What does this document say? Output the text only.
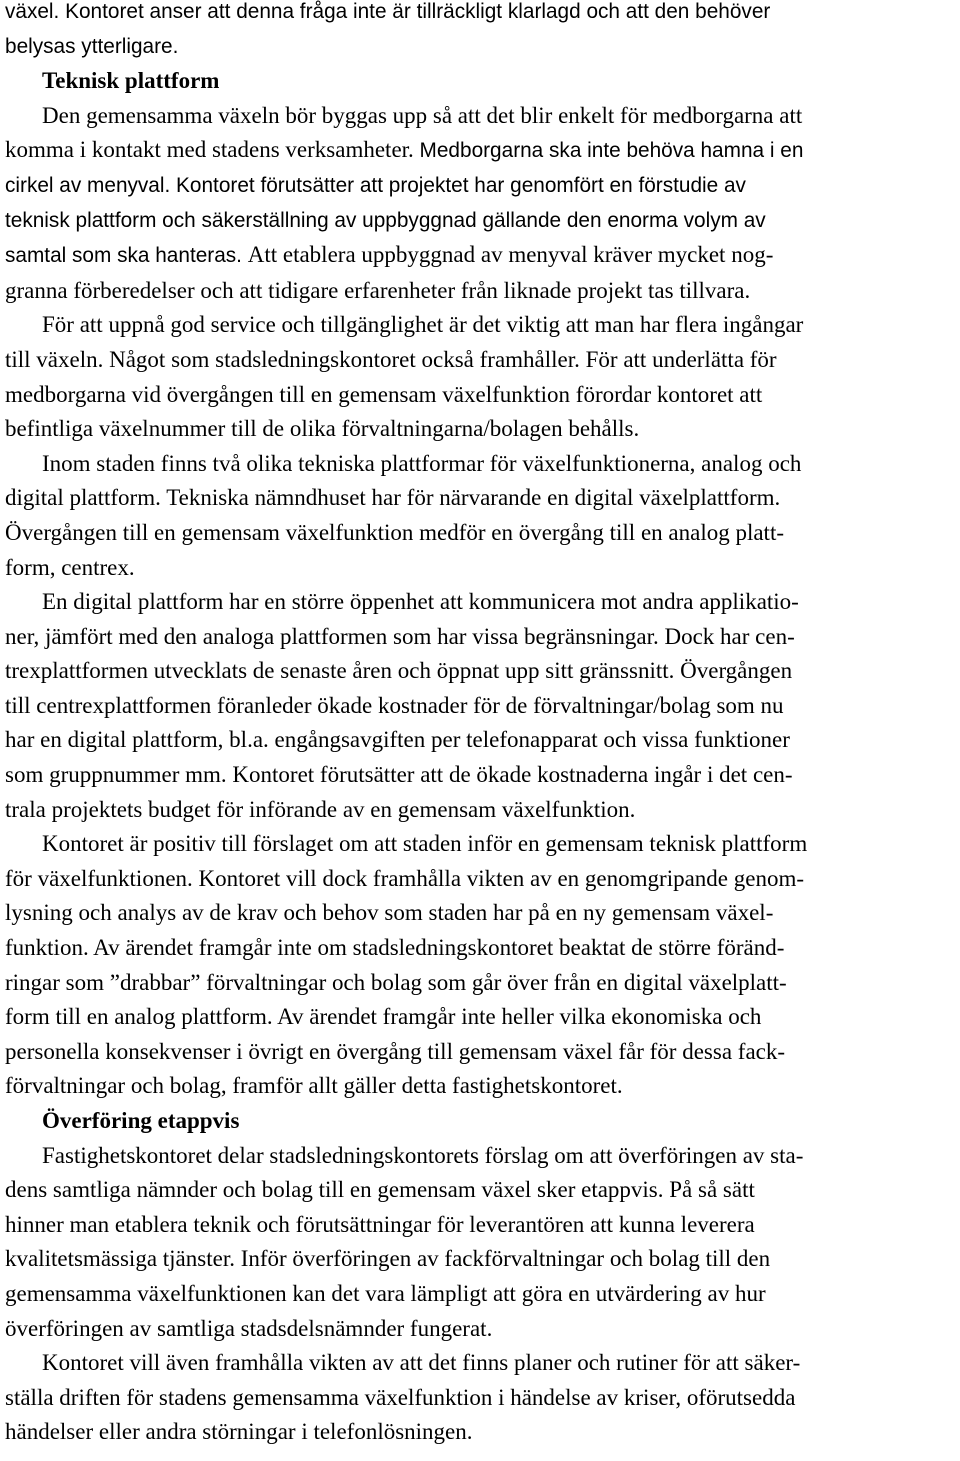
växel. Kontoret anser att denna fråga inte är tillräckligt klarlagd och att den behöver
belysas ytterligare.
Teknisk plattform
Den gemensamma växeln bör byggas upp så att det blir enkelt för medborgarna att
komma i kontakt med stadens verksamheter. Medborgarna ska inte behöva hamna i en
cirkel av menyval. Kontoret förutsätter att projektet har genomfört en förstudie av
teknisk plattform och säkerställning av uppbyggnad gällande den enorma volym av
samtal som ska hanteras. Att etablera uppbyggnad av menyval kräver mycket nog-
granna förberedelser och att tidigare erfarenheter från liknade projekt tas tillvara.
För att uppnå god service och tillgänglighet är det viktig att man har flera ingångar
till växeln. Något som stadsledningskontoret också framhåller. För att underlätta för
medborgarna vid övergången till en gemensam växelfunktion förordar kontoret att
befintliga växelnummer till de olika förvaltningarna/bolagen behålls.
Inom staden finns två olika tekniska plattformar för växelfunktionerna, analog och
digital plattform. Tekniska nämndhuset har för närvarande en digital växelplattform.
Övergången till en gemensam växelfunktion medför en övergång till en analog platt-
form, centrex.
En digital plattform har en större öppenhet att kommunicera mot andra applikatio-
ner, jämfört med den analoga plattformen som har vissa begränsningar. Dock har cen-
trexplattformen utvecklats de senaste åren och öppnat upp sitt gränssnitt. Övergången
till centrexplattformen föranleder ökade kostnader för de förvaltningar/bolag som nu
har en digital plattform, bl.a. engångsavgiften per telefonapparat och vissa funktioner
som gruppnummer mm. Kontoret förutsätter att de ökade kostnaderna ingår i det cen-
trala projektets budget för införande av en gemensam växelfunktion.
Kontoret är positiv till förslaget om att staden inför en gemensam teknisk plattform
för växelfunktionen. Kontoret vill dock framhålla vikten av en genomgripande genom-
lysning och analys av de krav och behov som staden har på en ny gemensam växel-
funktion. Av ärendet framgår inte om stadsledningskontoret beaktat de större föränd-
ringar som ”drabbar” förvaltningar och bolag som går över från en digital växelplatt-
form till en analog plattform. Av ärendet framgår inte heller vilka ekonomiska och
personella konsekvenser i övrigt en övergång till gemensam växel får för dessa fack-
förvaltningar och bolag, framför allt gäller detta fastighetskontoret.
Överföring etappvis
Fastighetskontoret delar stadsledningskontorets förslag om att överföringen av sta-
dens samtliga nämnder och bolag till en gemensam växel sker etappvis. På så sätt
hinner man etablera teknik och förutsättningar för leverantören att kunna leverera
kvalitetsmässiga tjänster. Inför överföringen av fackförvaltningar och bolag till den
gemensamma växelfunktionen kan det vara lämpligt att göra en utvärdering av hur
överföringen av samtliga stadsdelsnämnder fungerat.
Kontoret vill även framhålla vikten av att det finns planer och rutiner för att säker-
ställa driften för stadens gemensamma växelfunktion i händelse av kriser, oförutsedda
händelser eller andra störningar i telefonlösningen.
